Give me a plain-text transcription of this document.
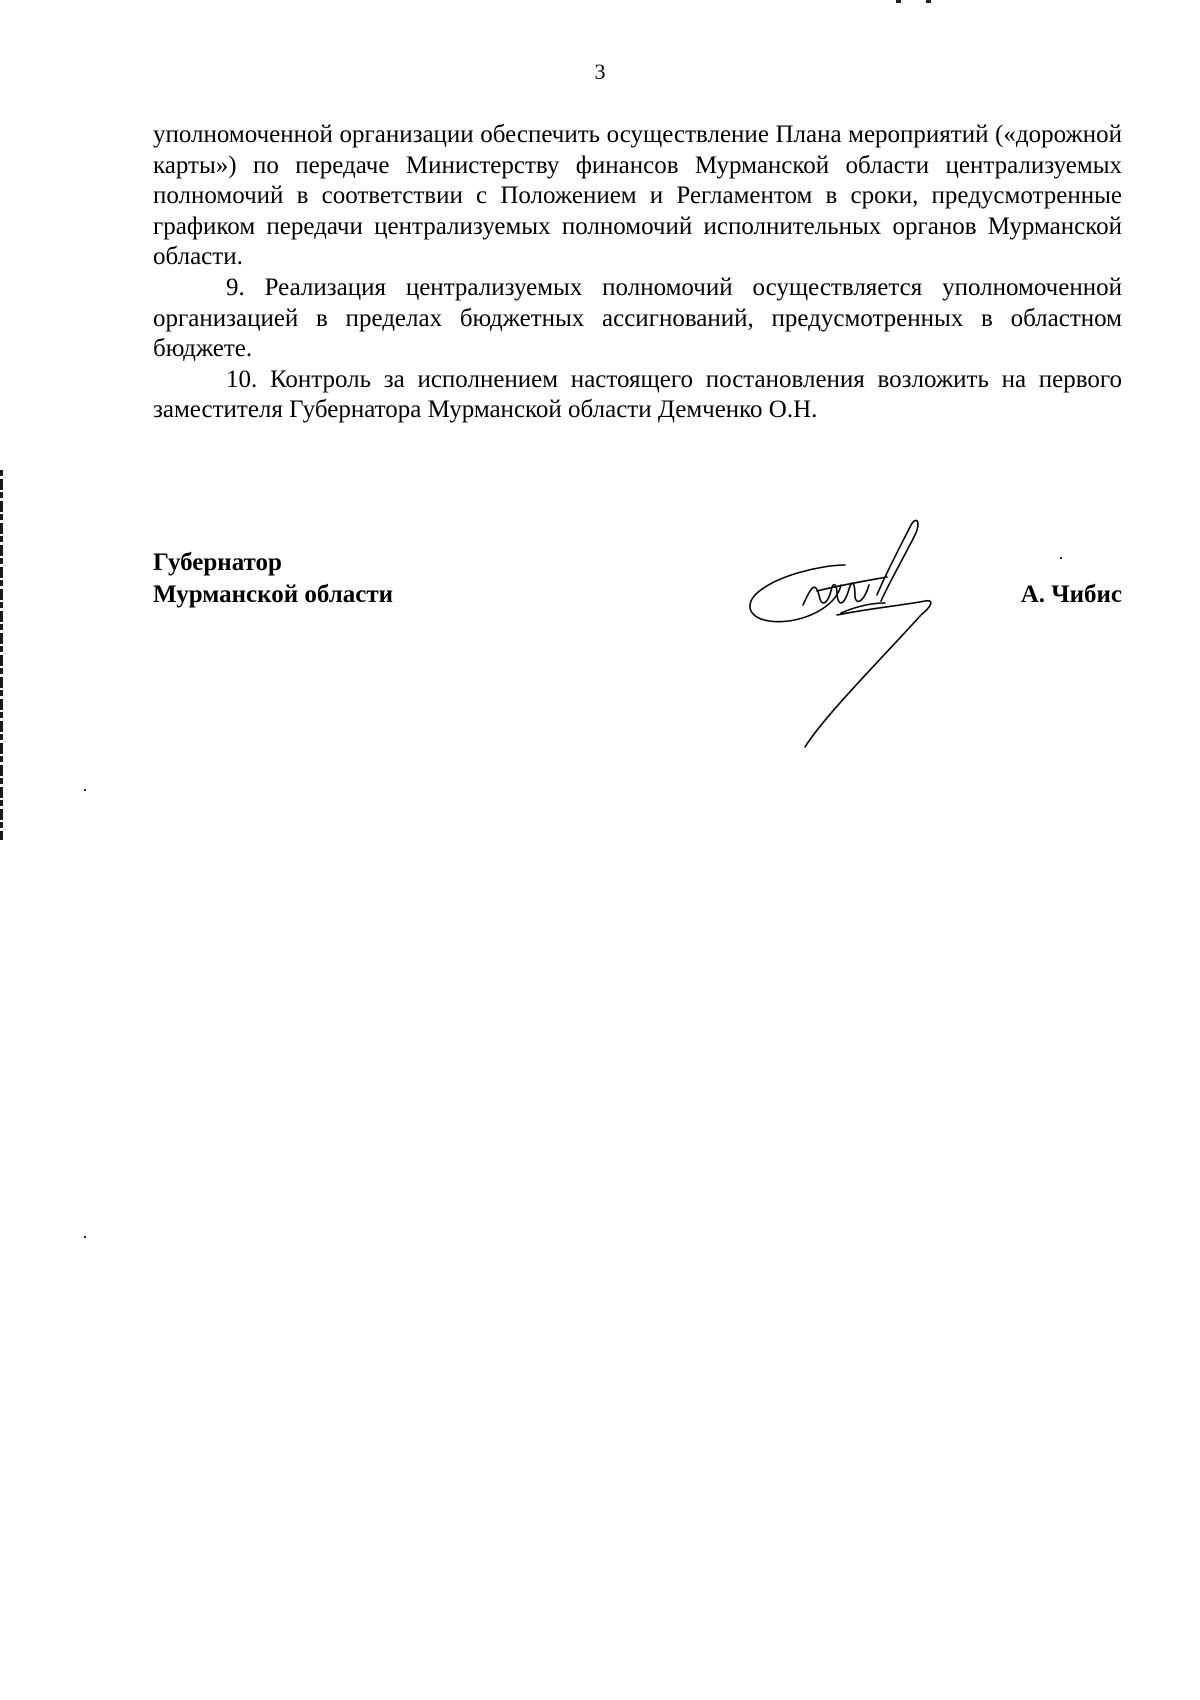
3

уполномоченной организации обеспечить осуществление Плана мероприятий («дорожной карты») по передаче Министерству финансов Мурманской области централизуемых полномочий в соответствии с Положением и Регламентом в сроки, предусмотренные графиком передачи централизуемых полномочий исполнительных органов Мурманской области.

9. Реализация централизуемых полномочий осуществляется уполномоченной организацией в пределах бюджетных ассигнований, предусмотренных в областном бюджете.

10. Контроль за исполнением настоящего постановления возложить на первого заместителя Губернатора Мурманской области Демченко О.Н.

Губернатор
Мурманской области	А. Чибис
